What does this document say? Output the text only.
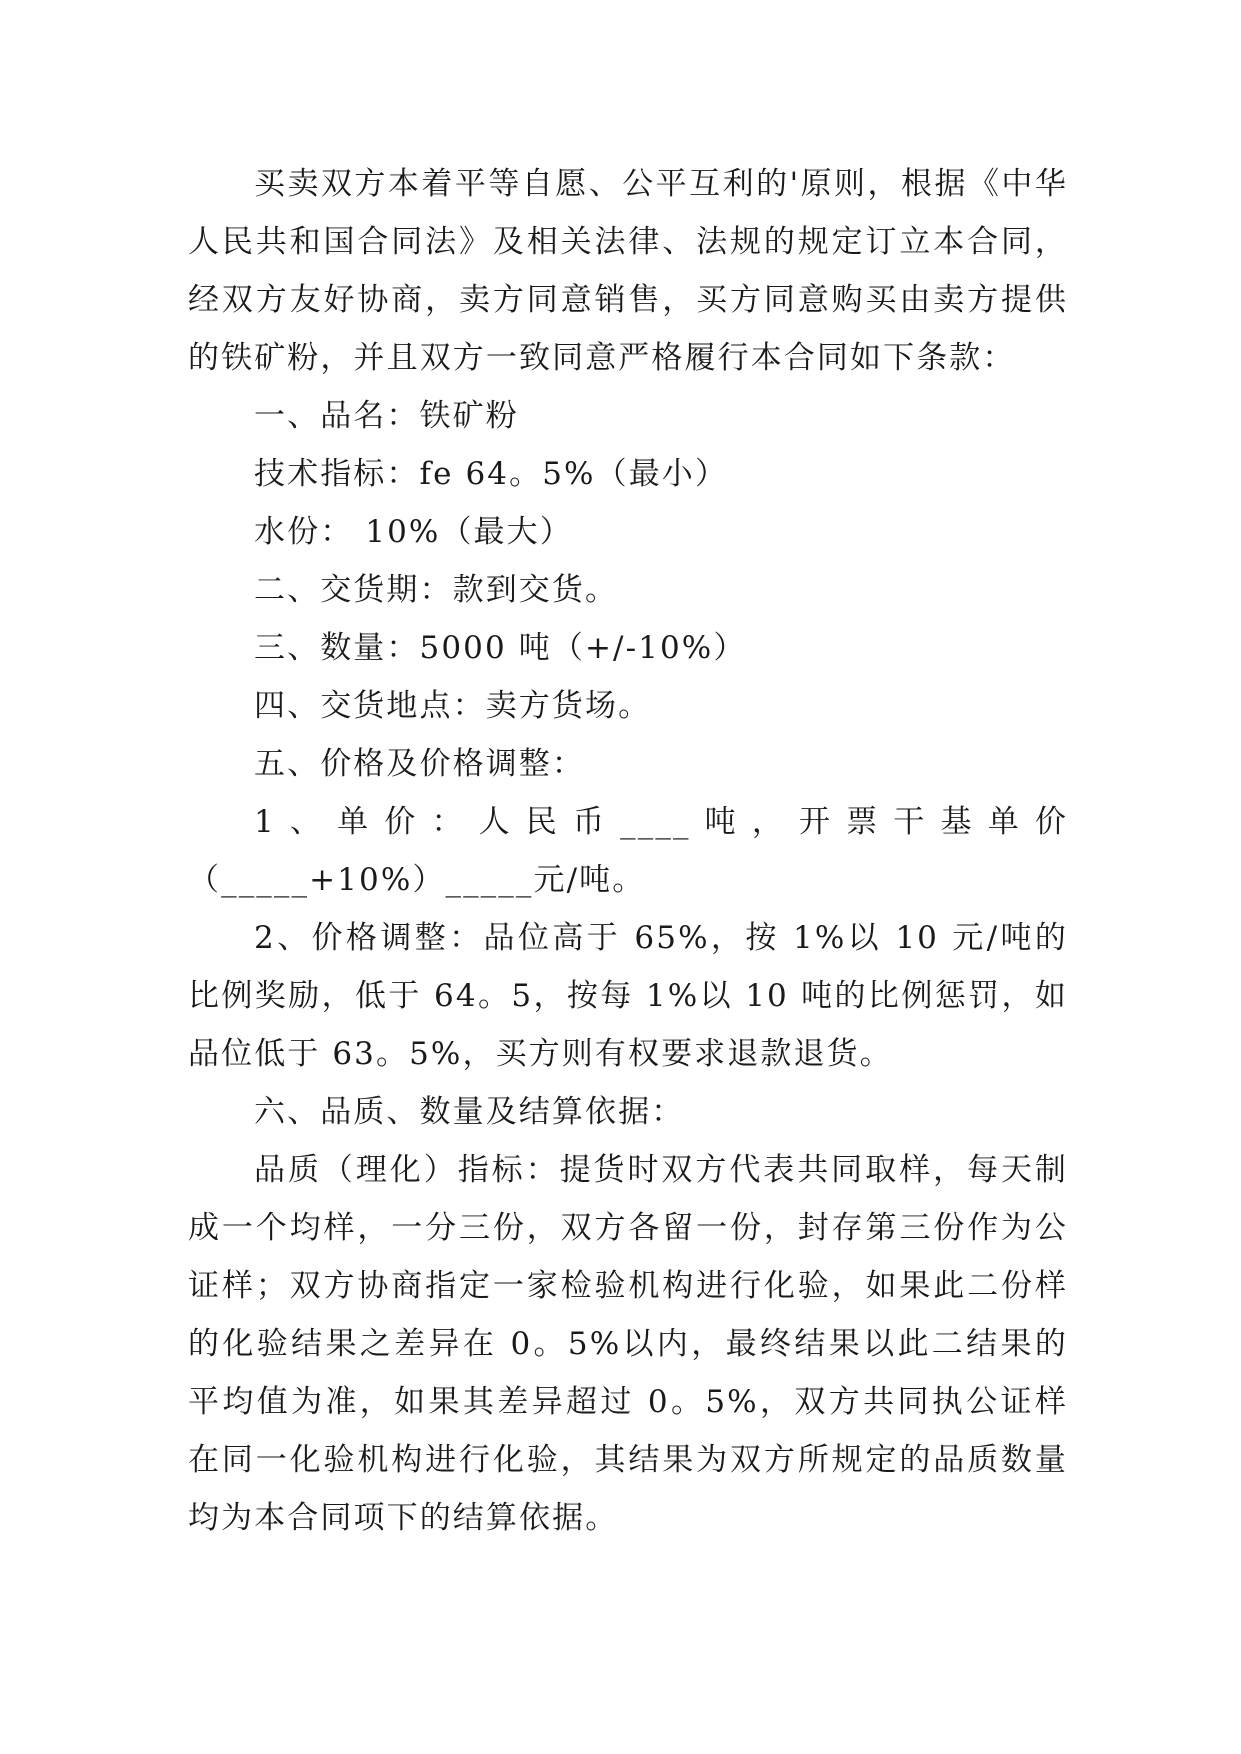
买卖双方本着平等自愿、公平互利的'原则，根据《中华人民共和国合同法》及相关法律、法规的规定订立本合同，经双方友好协商，卖方同意销售，买方同意购买由卖方提供的铁矿粉，并且双方一致同意严格履行本合同如下条款：

一、品名：铁矿粉

技术指标：fe 64。5%（最小）

水份： 10%（最大）

二、交货期：款到交货。

三、数量：5000 吨（+/-10%）

四、交货地点：卖方货场。

五、价格及价格调整：

1、单价：人民币____吨，开票干基单价（_____+10%）_____元/吨。

2、价格调整：品位高于 65%，按 1%以 10 元/吨的比例奖励，低于 64。5，按每 1%以 10 吨的比例惩罚，如品位低于 63。5%，买方则有权要求退款退货。

六、品质、数量及结算依据：

品质（理化）指标：提货时双方代表共同取样，每天制成一个均样，一分三份，双方各留一份，封存第三份作为公证样；双方协商指定一家检验机构进行化验，如果此二份样的化验结果之差异在 0。5%以内，最终结果以此二结果的平均值为准，如果其差异超过 0。5%，双方共同执公证样在同一化验机构进行化验，其结果为双方所规定的品质数量均为本合同项下的结算依据。
